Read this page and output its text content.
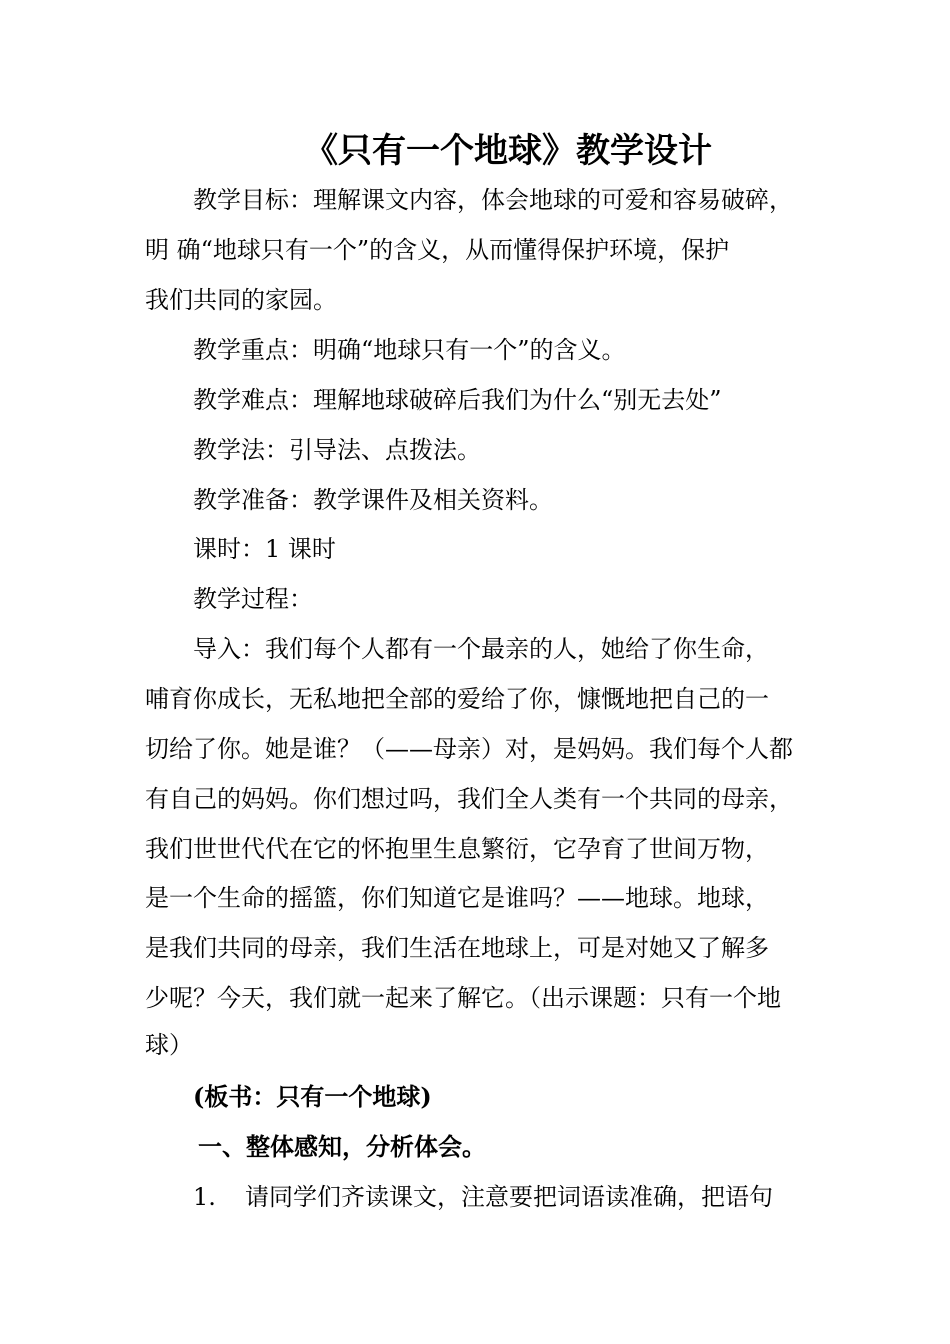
《只有一个地球》教学设计
教学目标：理解课文内容，体会地球的可爱和容易破碎，
明 确“地球只有一个”的含义，从而懂得保护环境，保护
我们共同的家园。
教学重点：明确“地球只有一个”的含义。
教学难点：理解地球破碎后我们为什么“别无去处”
教学法：引导法、点拨法。
教学准备：教学课件及相关资料。
课时：1 课时
教学过程：
导入：我们每个人都有一个最亲的人，她给了你生命，
哺育你成长，无私地把全部的爱给了你，慷慨地把自己的一
切给了你。她是谁？（——母亲）对，是妈妈。我们每个人都
有自己的妈妈。你们想过吗，我们全人类有一个共同的母亲，
我们世世代代在它的怀抱里生息繁衍，它孕育了世间万物，
是一个生命的摇篮，你们知道它是谁吗？——地球。地球，
是我们共同的母亲，我们生活在地球上，可是对她又了解多
少呢？今天，我们就一起来了解它。（出示课题：只有一个地
球）
(板书：只有一个地球)
一、整体感知，分析体会。
1. 请同学们齐读课文，注意要把词语读准确，把语句
